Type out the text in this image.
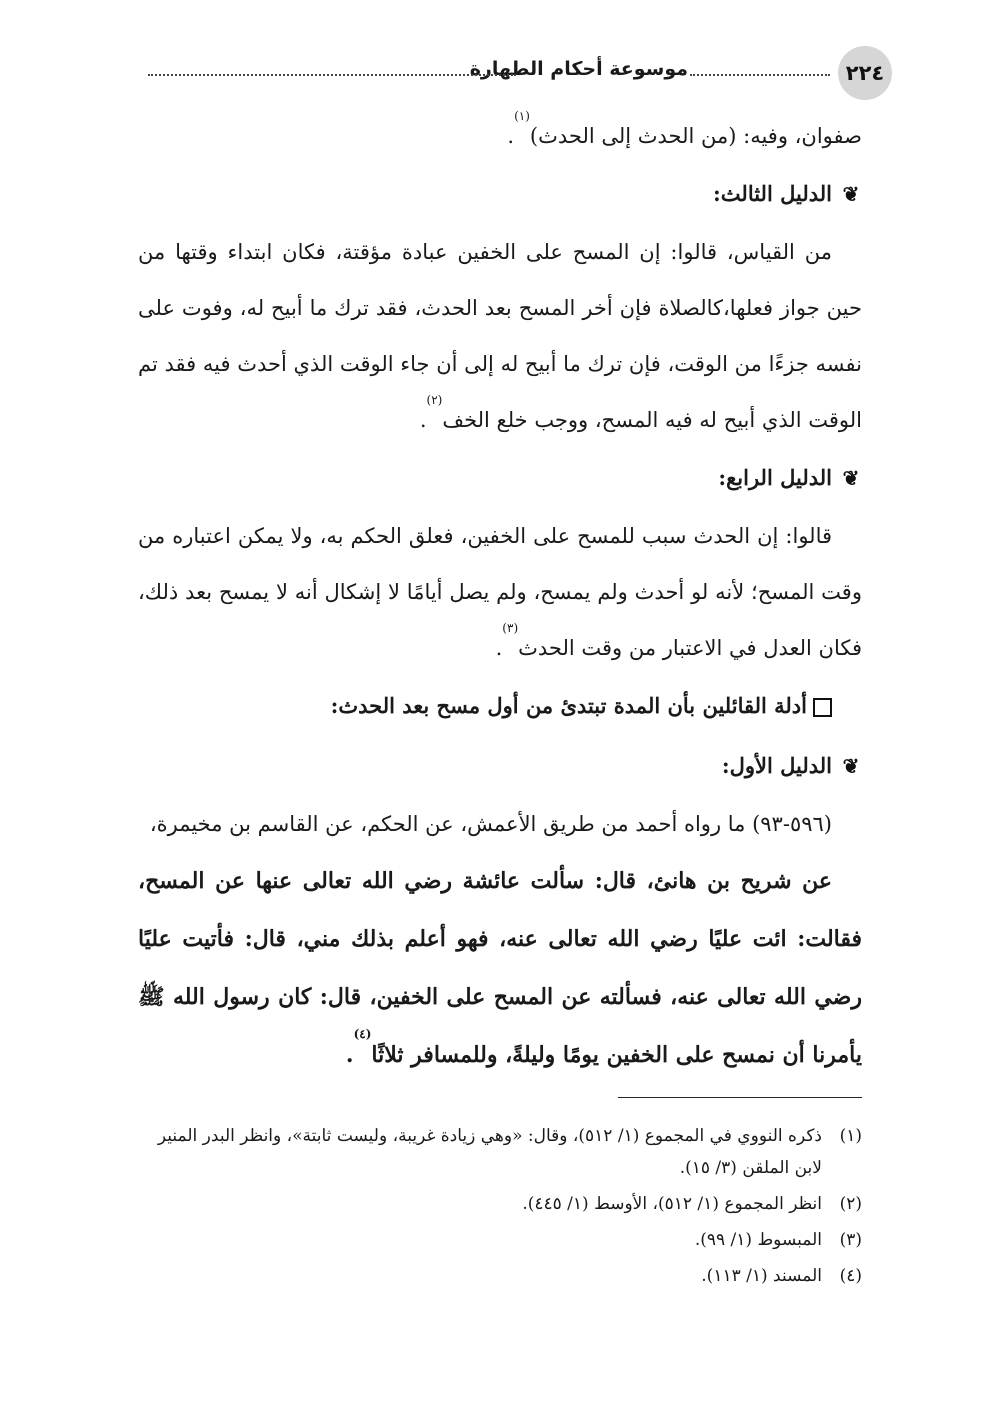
٢٢٤
موسوعة أحكام الطهارة
صفوان، وفيه: (من الحدث إلى الحدث)$^{(١)}$.
❦
الدليل الثالث:
من القياس، قالوا: إن المسح على الخفين عبادة مؤقتة، فكان ابتداء وقتها من حين جواز فعلها،كالصلاة فإن أخر المسح بعد الحدث، فقد ترك ما أبيح له، وفوت على نفسه جزءًا من الوقت، فإن ترك ما أبيح له إلى أن جاء الوقت الذي أحدث فيه فقد تم الوقت الذي أبيح له فيه المسح، ووجب خلع الخف$^{(٢)}$.
❦
الدليل الرابع:
قالوا: إن الحدث سبب للمسح على الخفين، فعلق الحكم به، ولا يمكن اعتباره من وقت المسح؛ لأنه لو أحدث ولم يمسح، ولم يصل أيامًا لا إشكال أنه لا يمسح بعد ذلك، فكان العدل في الاعتبار من وقت الحدث$^{(٣)}$.
أدلة القائلين بأن المدة تبتدئ من أول مسح بعد الحدث:
❦
الدليل الأول:
(٥٩٦-٩٣) ما رواه أحمد من طريق الأعمش، عن الحكم، عن القاسم بن مخيمرة،
عن شريح بن هانئ، قال: سألت عائشة رضي الله تعالى عنها عن المسح، فقالت: ائت عليًا رضي الله تعالى عنه، فهو أعلم بذلك مني، قال: فأتيت عليًا رضي الله تعالى عنه، فسألته عن المسح على الخفين، قال: كان رسول الله ﷺ يأمرنا أن نمسح على الخفين يومًا وليلةً، وللمسافر ثلاثًا$^{(٤)}$.
(١)
ذكره النووي في المجموع (١/ ٥١٢)، وقال: «وهي زيادة غريبة، وليست ثابتة»، وانظر البدر المنير لابن الملقن (٣/ ١٥).
(٢)
انظر المجموع (١/ ٥١٢)، الأوسط (١/ ٤٤٥).
(٣)
المبسوط (١/ ٩٩).
(٤)
المسند (١/ ١١٣).
